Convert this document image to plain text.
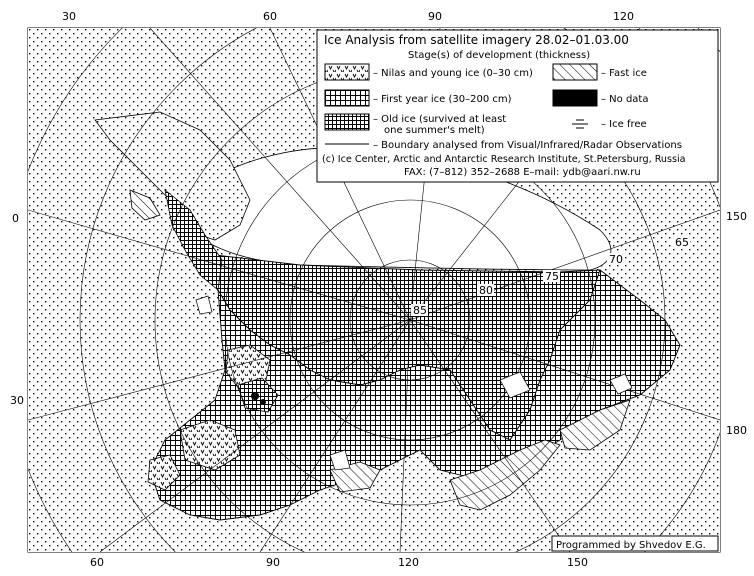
85
80
75
70
65
30	60	90	120
60	90	120	150
0
30
150
180
Ice Analysis from satellite imagery 28.02–01.03.00
Stage(s) of development (thickness)
– Nilas and young ice (0–30 cm)	– Fast ice
– First year ice (30–200 cm)	– No data
– Old ice (survived at least
one summer's melt)
– Ice free
– Boundary analysed from Visual/Infrared/Radar Observations
(c) Ice Center, Arctic and Antarctic Research Institute, St.Petersburg, Russia
FAX: (7–812) 352–2688 E–mail: ydb@aari.nw.ru
Programmed by Shvedov E.G.
